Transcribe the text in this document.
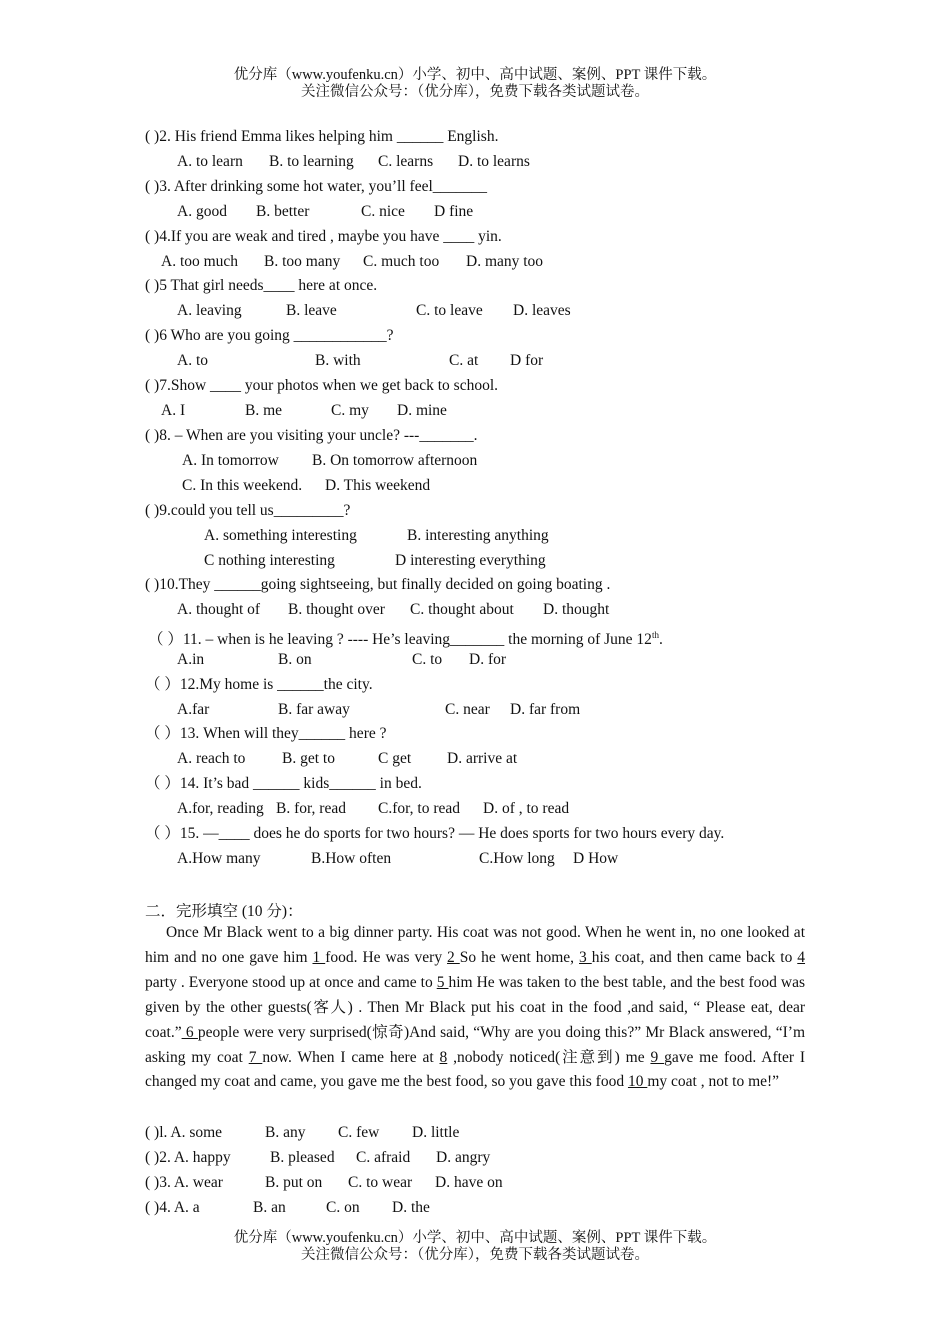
优分库（www.youfenku.cn）小学、初中、高中试题、案例、PPT 课件下载。
关注微信公众号：（优分库），免费下载各类试题试卷。
( )2. His friend Emma likes helping him ______ English.
A. to learn B. to learning C. learns D. to learns
( )3. After drinking some hot water, you’ll feel_______
A. good B. better	C. nice D fine
( )4.If you are weak and tired , maybe you have ____ yin.
A. too much B. too many C. much too D. many too
( )5 That girl needs____ here at once.
A. leaving	B. leave	C. to leave D. leaves
( )6 Who are you going ____________?
A. to	B. with	C. at D for
( )7.Show ____ your photos when we get back to school.
A. I	B. me	C. my D. mine
( )8. – When are you visiting your uncle? ---_______.
A. In tomorrow B. On tomorrow afternoon
C. In this weekend. D. This weekend
( )9.could you tell us_________?
A. something interesting	B. interesting anything
C nothing interesting	D interesting everything
( )10.They ______going sightseeing, but finally decided on going boating .
A. thought of B. thought over C. thought about D. thought
（ ）11. – when is he leaving ? ---- He’s leaving_______ the morning of June 12th.
A.in	B. on	C. to D. for
（ ）12.My home is ______the city.
A.far	B. far away	C. near D. far from
（ ）13. When will they______ here ?
A. reach to B. get to	C get D. arrive at
（ ）14. It’s bad ______ kids______ in bed.
A.for, reading B. for, read C.for, to read D. of , to read
（ ）15. —____ does he do sports for two hours? — He does sports for two hours every day.
A.How many	B.How often	C.How long D How
二．完形填空 (10 分)：
Once Mr Black went to a big dinner party. His coat was not good. When he went in, no one looked at him and no one gave him 1 food. He was very 2 So he went home, 3 his coat, and then came back to 4 party . Everyone stood up at once and came to 5 him He was taken to the best table, and the best food was given by the other guests(客人) . Then Mr Black put his coat in the food ,and said, “ Please eat, dear coat.” 6 people were very surprised(惊奇)And said, “Why are you doing this?” Mr Black answered, “I’m asking my coat 7 now. When I came here at 8 ,nobody noticed(注意到) me 9 gave me food. After I changed my coat and came, you gave me the best food, so you gave this food 10 my coat , not to me!”
( )l. A. some	B. any C. few D. little
( )2. A. happy	B. pleased C. afraid D. angry
( )3. A. wear	B. put on C. to wear D. have on
( )4. A. a	B. an	C. on D. the
优分库（www.youfenku.cn）小学、初中、高中试题、案例、PPT 课件下载。
关注微信公众号：（优分库），免费下载各类试题试卷。
